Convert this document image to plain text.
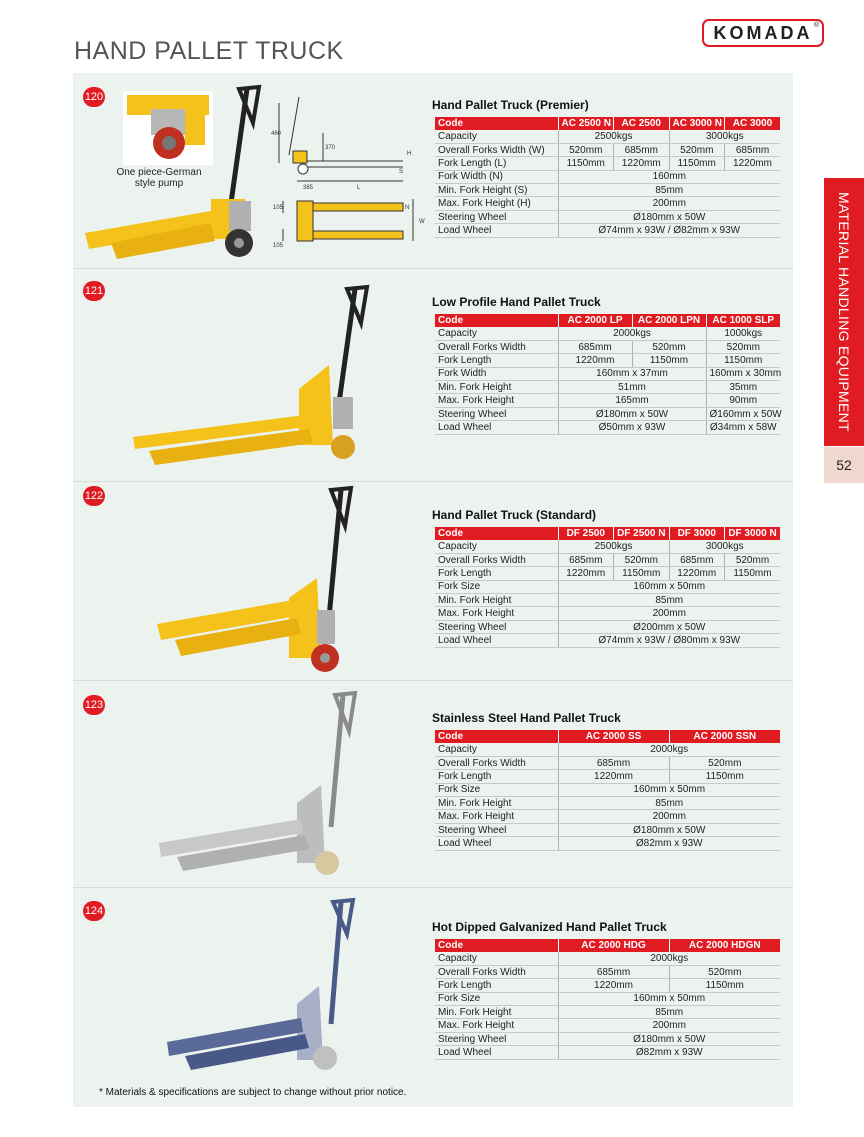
HAND PALLET TRUCK
KOMADA ®
MATERIAL HANDLING EQUIPMENT
52
120
One piece-German style pump
460
370
H
S
385	L
105
105
N
W
Hand Pallet Truck (Premier)
Code	AC 2500 N	AC 2500	AC 3000 N	AC 3000
Capacity	2500kgs		3000kgs	
Overall Forks Width (W)	520mm	685mm	520mm	685mm
Fork Length (L)	1150mm	1220mm	1150mm	1220mm
Fork Width (N)	160mm			
Min. Fork Height (S)	85mm			
Max. Fork Height (H)	200mm			
Steering Wheel	Ø180mm x 50W			
Load Wheel	Ø74mm x 93W / Ø82mm x 93W			
121
Low Profile Hand Pallet Truck
Code	AC 2000 LP	AC 2000 LPN	AC 1000 SLP
Capacity	2000kgs		1000kgs
Overall Forks Width	685mm	520mm	520mm
Fork Length	1220mm	1150mm	1150mm
Fork Width	160mm x 37mm		160mm x 30mm
Min. Fork Height	51mm		35mm
Max. Fork Height	165mm		90mm
Steering Wheel	Ø180mm x 50W		Ø160mm x 50W
Load Wheel	Ø50mm x 93W		Ø34mm x 58W
122
Hand Pallet Truck (Standard)
Code	DF 2500	DF 2500 N	DF 3000	DF 3000 N
Capacity	2500kgs		3000kgs	
Overall Forks Width	685mm	520mm	685mm	520mm
Fork Length	1220mm	1150mm	1220mm	1150mm
Fork Size	160mm x 50mm			
Min. Fork Height	85mm			
Max. Fork Height	200mm			
Steering Wheel	Ø200mm x 50W			
Load Wheel	Ø74mm x 93W / Ø80mm x 93W			
123
Stainless Steel Hand Pallet Truck
Code	AC 2000 SS	AC 2000 SSN
Capacity	2000kgs	
Overall Forks Width	685mm	520mm
Fork Length	1220mm	1150mm
Fork Size	160mm x 50mm	
Min. Fork Height	85mm	
Max. Fork Height	200mm	
Steering Wheel	Ø180mm x 50W	
Load Wheel	Ø82mm x 93W	
124
Hot Dipped Galvanized Hand Pallet Truck
Code	AC 2000 HDG	AC 2000 HDGN
Capacity	2000kgs	
Overall Forks Width	685mm	520mm
Fork Length	1220mm	1150mm
Fork Size	160mm x 50mm	
Min. Fork Height	85mm	
Max. Fork Height	200mm	
Steering Wheel	Ø180mm x 50W	
Load Wheel	Ø82mm x 93W	
* Materials & specifications are subject to change without prior notice.
